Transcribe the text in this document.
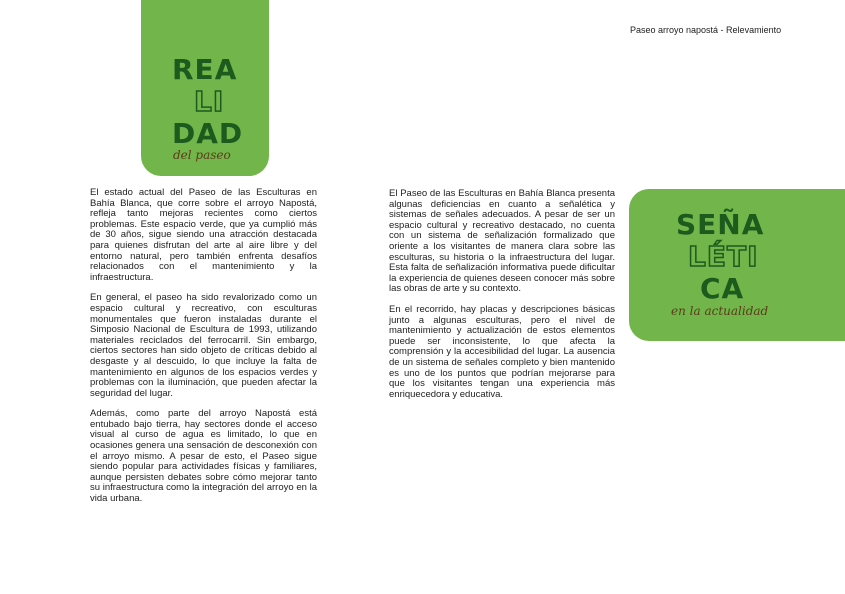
Paseo arroyo napostá - Relevamiento
REA
LI
DAD
del paseo
SEÑA
LÉTI
CA
en la actualidad

El estado actual del Paseo de las Esculturas en Bahía Blanca, que corre sobre el arroyo Napostá, refleja tanto mejoras recientes como ciertos problemas. Este espacio verde, que ya cumplió más de 30 años, sigue siendo una atracción destacada para quienes disfrutan del arte al aire libre y del entorno natural, pero también enfrenta desafíos relacionados con el mantenimiento y la infraestructura.

En general, el paseo ha sido revalorizado como un espacio cultural y recreativo, con esculturas monumentales que fueron instaladas durante el Simposio Nacional de Escultura de 1993, utilizando materiales reciclados del ferrocarril. Sin embargo, ciertos sectores han sido objeto de críticas debido al desgaste y al descuido, lo que incluye la falta de mantenimiento en algunos de los espacios verdes y problemas con la iluminación, que pueden afectar la seguridad del lugar.

Además, como parte del arroyo Napostá está entubado bajo tierra, hay sectores donde el acceso visual al curso de agua es limitado, lo que en ocasiones genera una sensación de desconexión con el arroyo mismo. A pesar de esto, el Paseo sigue siendo popular para actividades físicas y familiares, aunque persisten debates sobre cómo mejorar tanto su infraestructura como la integración del arroyo en la vida urbana.

El Paseo de las Esculturas en Bahía Blanca presenta algunas deficiencias en cuanto a señalética y sistemas de señales adecuados. A pesar de ser un espacio cultural y recreativo destacado, no cuenta con un sistema de señalización formalizado que oriente a los visitantes de manera clara sobre las esculturas, su historia o la infraestructura del lugar. Esta falta de señalización informativa puede dificultar la experiencia de quienes deseen conocer más sobre las obras de arte y su contexto.

En el recorrido, hay placas y descripciones básicas junto a algunas esculturas, pero el nivel de mantenimiento y actualización de estos elementos puede ser inconsistente, lo que afecta la comprensión y la accesibilidad del lugar. La ausencia de un sistema de señales completo y bien mantenido es uno de los puntos que podrían mejorarse para que los visitantes tengan una experiencia más enriquecedora y educativa.
